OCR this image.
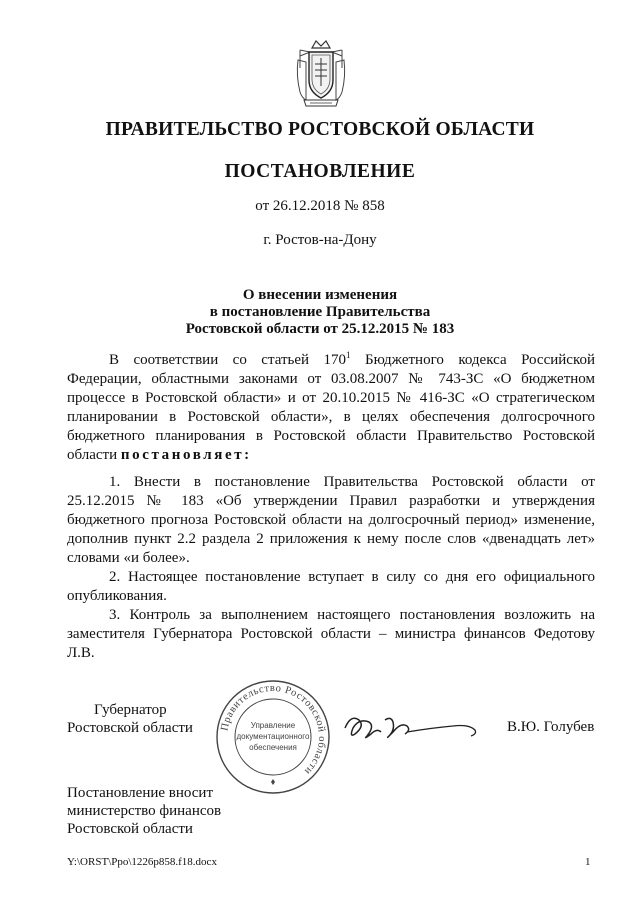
ПРАВИТЕЛЬСТВО РОСТОВСКОЙ ОБЛАСТИ
ПОСТАНОВЛЕНИЕ
от 26.12.2018 № 858
г. Ростов-на-Дону
О внесении изменения
в постановление Правительства
Ростовской области от 25.12.2015 № 183

В соответствии со статьей $170^1$ Бюджетного кодекса Российской Федерации, областными законами от 03.08.2007 № 743-ЗС «О бюджетном процессе в Ростовской области» и от 20.10.2015 № 416-ЗС «О стратегическом планировании в Ростовской области», в целях обеспечения долгосрочного бюджетного планирования в Ростовской области Правительство Ростовской области постановляет:

1. Внести в постановление Правительства Ростовской области от 25.12.2015 № 183 «Об утверждении Правил разработки и утверждения бюджетного прогноза Ростовской области на долгосрочный период» изменение, дополнив пункт 2.2 раздела 2 приложения к нему после слов «двенадцать лет» словами «и более».

2. Настоящее постановление вступает в силу со дня его официального опубликования.

3. Контроль за выполнением настоящего постановления возложить на заместителя Губернатора Ростовской области – министра финансов Федотову Л.В.

Губернатор
Ростовской области	Правительство Ростовской области
Управление
документационного
обеспечения
В.Ю. Голубев
Постановление вносит
министерство финансов
Ростовской области
Y:\ORST\Ppo\1226p858.f18.docx	1
